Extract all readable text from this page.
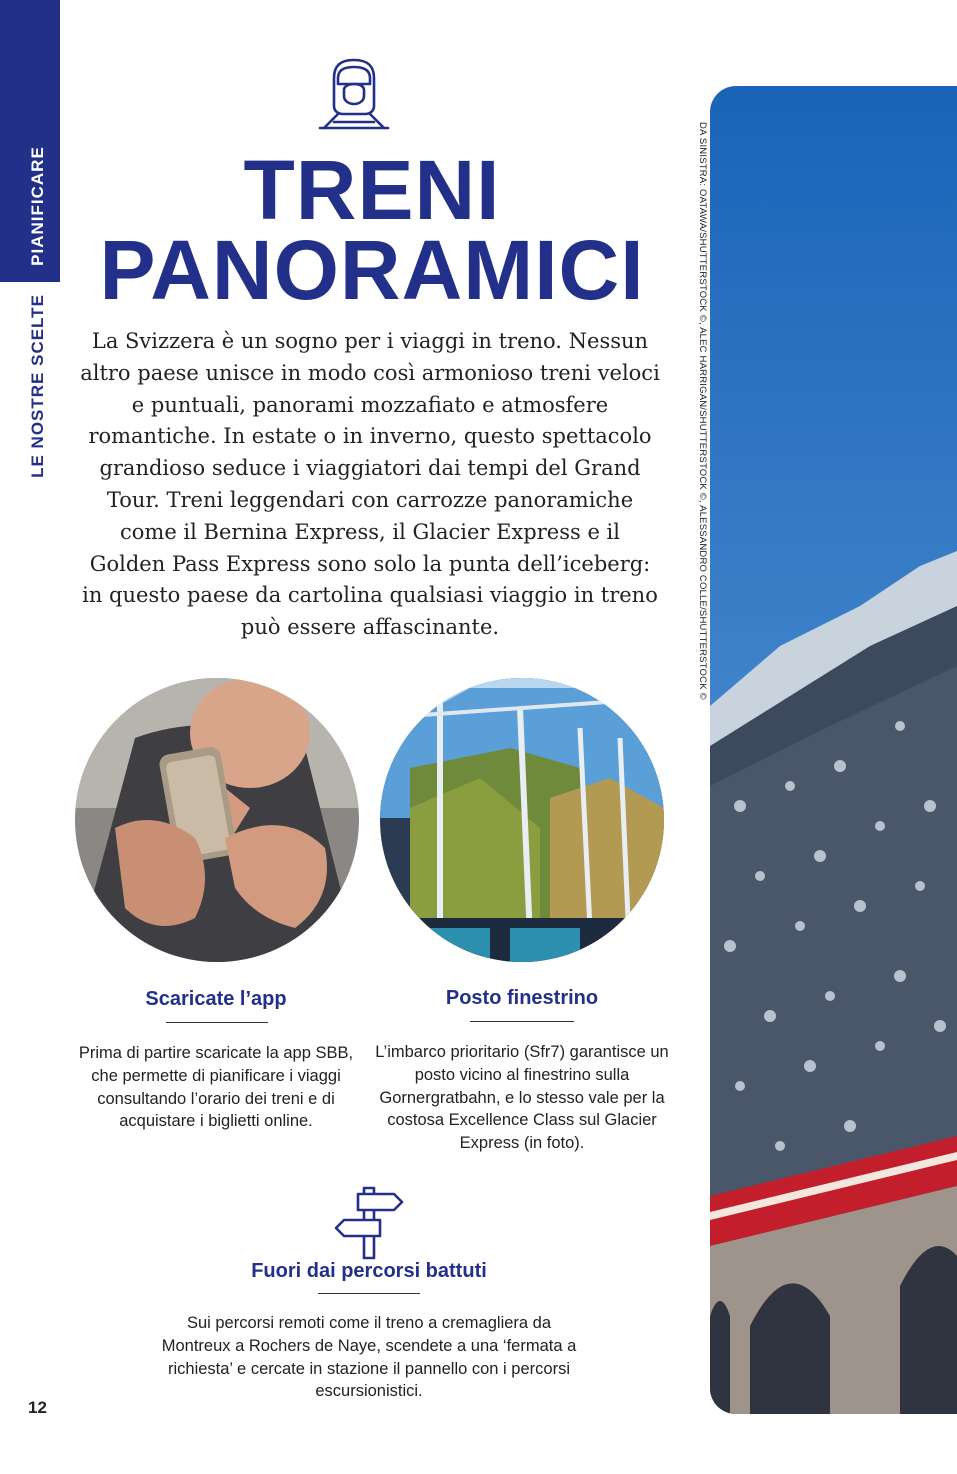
PIANIFICARE
LE NOSTRE SCELTE
TRENI
PANORAMICI
La Svizzera è un sogno per i viaggi in treno. Nessun altro paese unisce in modo così armonioso treni veloci e puntuali, panorami mozzafiato e atmosfere romantiche. In estate o in inverno, questo spettacolo grandioso seduce i viaggiatori dai tempi del Grand Tour. Treni leggendari con carrozze panoramiche come il Bernina Express, il Glacier Express e il Golden Pass Express sono solo la punta dell’iceberg: in questo paese da cartolina qualsiasi viaggio in treno può essere affascinante.
Scaricate l’app
Prima di partire scaricate la app SBB, che permette di pianificare i viaggi consultando l’orario dei treni e di acquistare i biglietti online.
Posto finestrino
L’imbarco prioritario (Sfr7) garantisce un posto vicino al finestrino sulla Gornergratbahn, e lo stesso vale per la costosa Excellence Class sul Glacier Express (in foto).
Fuori dai percorsi battuti
Sui percorsi remoti come il treno a cremagliera da Montreux a Rochers de Naye, scendete a una ‘fermata a richiesta’ e cercate in stazione il pannello con i percorsi escursionistici.
12
DA SINISTRA: OATAWA/SHUTTERSTOCK ©, ALEC HARRIGAN/SHUTTERSTOCK ©, ALESSANDRO COLLE/SHUTTERSTOCK ©
